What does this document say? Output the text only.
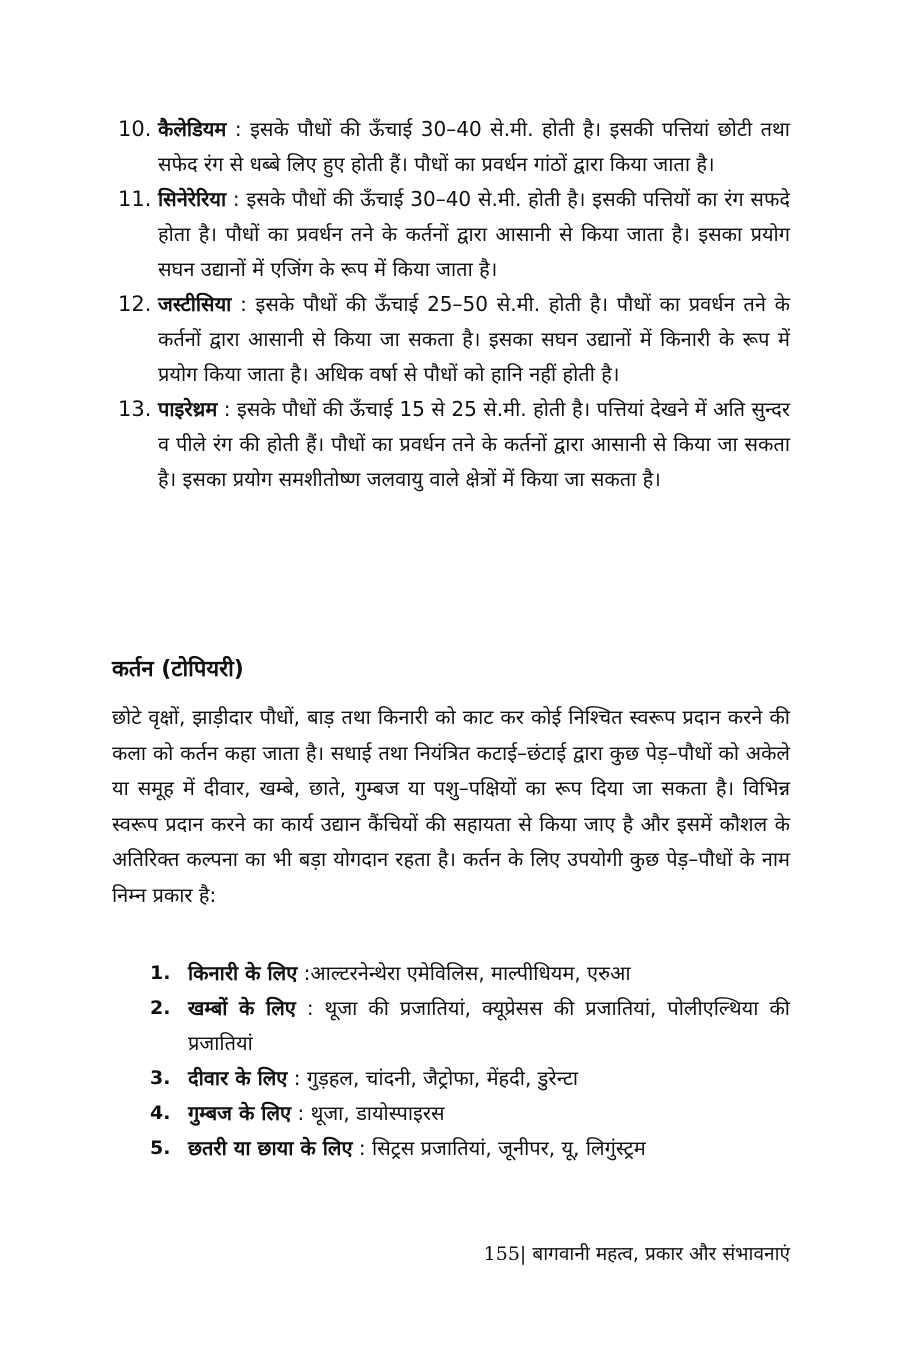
10. कैलेडियम : इसके पौधों की ऊँचाई 30–40 से.मी. होती है। इसकी पत्तियां छोटी तथा सफेद रंग से धब्बे लिए हुए होती हैं। पौधों का प्रवर्धन गांठों द्वारा किया जाता है।
11. सिनेरेरिया : इसके पौधों की ऊँचाई 30–40 से.मी. होती है। इसकी पत्तियों का रंग सफदे होता है। पौधों का प्रवर्धन तने के कर्तनों द्वारा आसानी से किया जाता है। इसका प्रयोग सघन उद्यानों में एजिंग के रूप में किया जाता है।
12. जस्टीसिया : इसके पौधों की ऊँचाई 25–50 से.मी. होती है। पौधों का प्रवर्धन तने के कर्तनों द्वारा आसानी से किया जा सकता है। इसका सघन उद्यानों में किनारी के रूप में प्रयोग किया जाता है। अधिक वर्षा से पौधों को हानि नहीं होती है।
13. पाइरेथ्रम : इसके पौधों की ऊँचाई 15 से 25 से.मी. होती है। पत्तियां देखने में अति सुन्दर व पीले रंग की होती हैं। पौधों का प्रवर्धन तने के कर्तनों द्वारा आसानी से किया जा सकता है। इसका प्रयोग समशीतोष्ण जलवायु वाले क्षेत्रों में किया जा सकता है।
कर्तन (टोपियरी)
छोटे वृक्षों, झाड़ीदार पौधों, बाड़ तथा किनारी को काट कर कोई निश्चित स्वरूप प्रदान करने की कला को कर्तन कहा जाता है। सधाई तथा नियंत्रित कटाई–छंटाई द्वारा कुछ पेड़–पौधों को अकेले या समूह में दीवार, खम्बे, छाते, गुम्बज या पशु–पक्षियों का रूप दिया जा सकता है। विभिन्न स्वरूप प्रदान करने का कार्य उद्यान कैंचियों की सहायता से किया जाए है और इसमें कौशल के अतिरिक्त कल्पना का भी बड़ा योगदान रहता है। कर्तन के लिए उपयोगी कुछ पेड़–पौधों के नाम निम्न प्रकार है:
1. किनारी के लिए :आल्टरनेन्थेरा एमेविलिस, माल्पीधियम, एरुआ
2. खम्बों के लिए : थूजा की प्रजातियां, क्यूप्रेसस की प्रजातियां, पोलीएल्थिया की प्रजातियां
3. दीवार के लिए : गुड़हल, चांदनी, जैट्रोफा, मेंहदी, डुरेन्टा
4. गुम्बज के लिए : थूजा, डायोस्पाइरस
5. छतरी या छाया के लिए : सिट्रस प्रजातियां, जूनीपर, यू, लिगुंस्ट्रम
155| बागवानी महत्व, प्रकार और संभावनाएं
